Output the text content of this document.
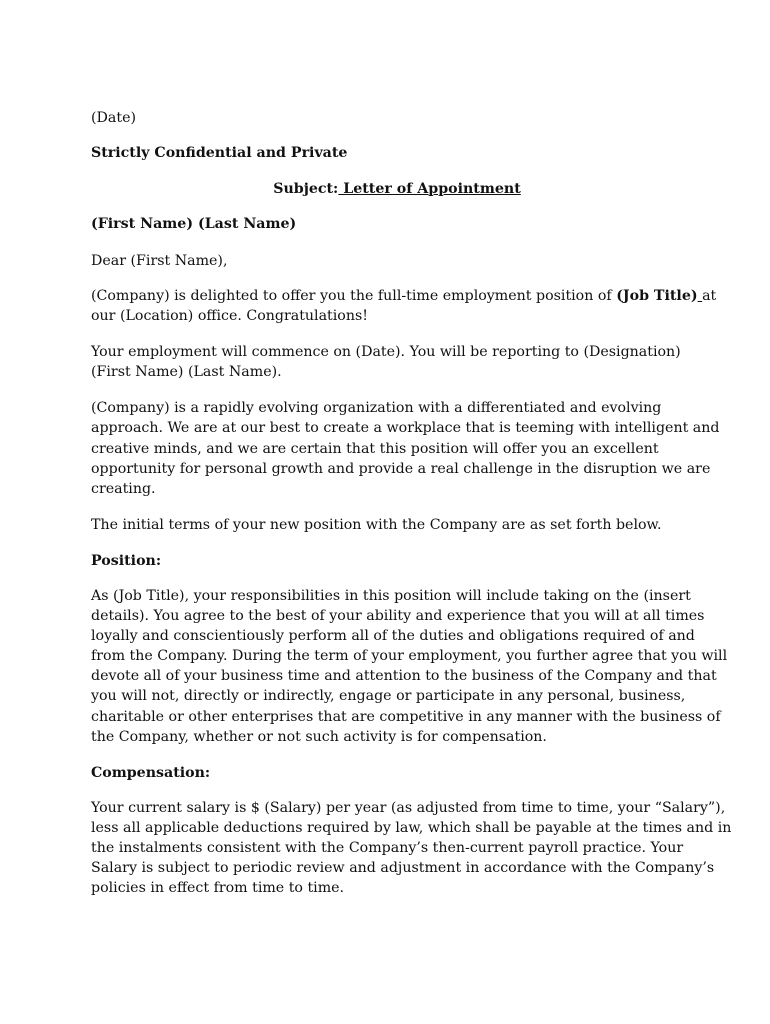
(Date)

Strictly Confidential and Private

Subject: Letter of Appointment

(First Name) (Last Name)

Dear (First Name),

(Company) is delighted to offer you the full-time employment position of (Job Title) at

our (Location) office. Congratulations!

Your employment will commence on (Date). You will be reporting to (Designation)

(First Name) (Last Name).

(Company) is a rapidly evolving organization with a differentiated and evolving

approach. We are at our best to create a workplace that is teeming with intelligent and

creative minds, and we are certain that this position will offer you an excellent

opportunity for personal growth and provide a real challenge in the disruption we are

creating.

The initial terms of your new position with the Company are as set forth below.

Position:

As (Job Title), your responsibilities in this position will include taking on the (insert

details). You agree to the best of your ability and experience that you will at all times

loyally and conscientiously perform all of the duties and obligations required of and

from the Company. During the term of your employment, you further agree that you will

devote all of your business time and attention to the business of the Company and that

you will not, directly or indirectly, engage or participate in any personal, business,

charitable or other enterprises that are competitive in any manner with the business of

the Company, whether or not such activity is for compensation.

Compensation:

Your current salary is $ (Salary) per year (as adjusted from time to time, your “Salary”),

less all applicable deductions required by law, which shall be payable at the times and in

the instalments consistent with the Company’s then-current payroll practice. Your

Salary is subject to periodic review and adjustment in accordance with the Company’s

policies in effect from time to time.
